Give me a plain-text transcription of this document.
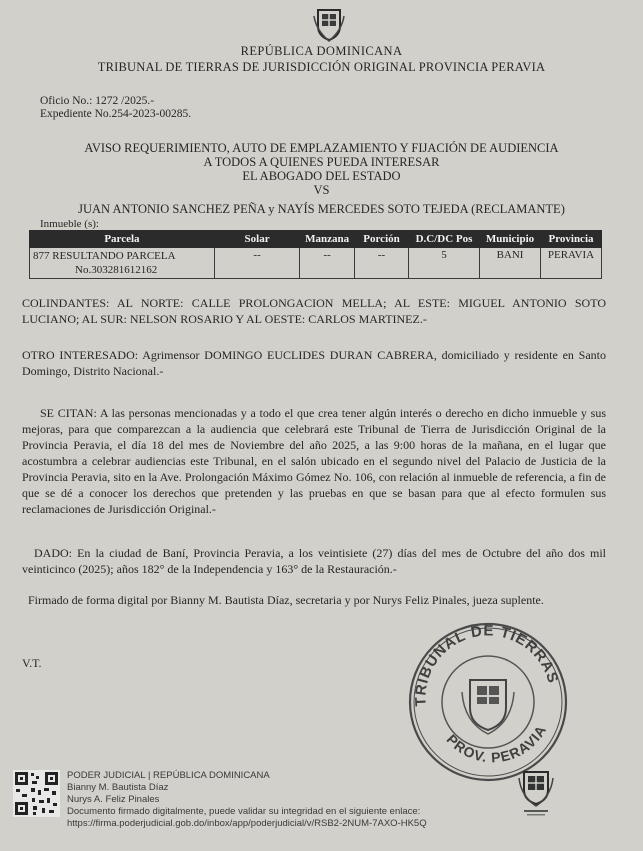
REPÚBLICA DOMINICANA
TRIBUNAL DE TIERRAS DE JURISDICCIÓN ORIGINAL PROVINCIA PERAVIA
Oficio No.: 1272 /2025.-
Expediente No.254-2023-00285.
AVISO REQUERIMIENTO, AUTO DE EMPLAZAMIENTO Y FIJACIÓN DE AUDIENCIA
A TODOS A QUIENES PUEDA INTERESAR
EL ABOGADO DEL ESTADO
VS
JUAN ANTONIO SANCHEZ PEÑA y NAYÍS MERCEDES SOTO TEJEDA (RECLAMANTE)
Inmueble (s):
Parcela	Solar	Manzana	Porción	D.C/DC Pos	Municipio	Provincia

877 RESULTANDO PARCELA
No.303281612162	--	--	--	5	BANI	PERAVIA
COLINDANTES: AL NORTE: CALLE PROLONGACION MELLA; AL ESTE: MIGUEL ANTONIO SOTO LUCIANO; AL SUR: NELSON ROSARIO Y AL OESTE: CARLOS MARTINEZ.-
OTRO INTERESADO: Agrimensor DOMINGO EUCLIDES DURAN CABRERA, domiciliado y residente en Santo Domingo, Distrito Nacional.-
SE CITAN: A las personas mencionadas y a todo el que crea tener algún interés o derecho en dicho inmueble y sus mejoras, para que comparezcan a la audiencia que celebrará este Tribunal de Tierra de Jurisdicción Original de la Provincia Peravia, el día 18 del mes de Noviembre del año 2025, a las 9:00 horas de la mañana, en el lugar que acostumbra a celebrar audiencias este Tribunal, en el salón ubicado en el segundo nivel del Palacio de Justicia de la Provincia Peravia, sito en la Ave. Prolongación Máximo Gómez No. 106, con relación al inmueble de referencia, a fin de que se dé a conocer los derechos que pretenden y las pruebas en que se basan para que al efecto formulen sus reclamaciones de Jurisdicción Original.-
DADO: En la ciudad de Baní, Provincia Peravia, a los veintisiete (27) días del mes de Octubre del año dos mil veinticinco (2025); años 182° de la Independencia y 163° de la Restauración.-
Firmado de forma digital por Bianny M. Bautista Díaz, secretaria y por Nurys Feliz Pinales, jueza suplente.
V.T.
TRIBUNAL DE TIERRAS
PROV. PERAVIA
PODER JUDICIAL | REPÚBLICA DOMINICANA
Bianny M. Bautista Díaz
Nurys A. Feliz Pinales
Documento firmado digitalmente, puede validar su integridad en el siguiente enlace:
https://firma.poderjudicial.gob.do/inbox/app/poderjudicial/v/RSB2-2NUM-7AXO-HK5Q
